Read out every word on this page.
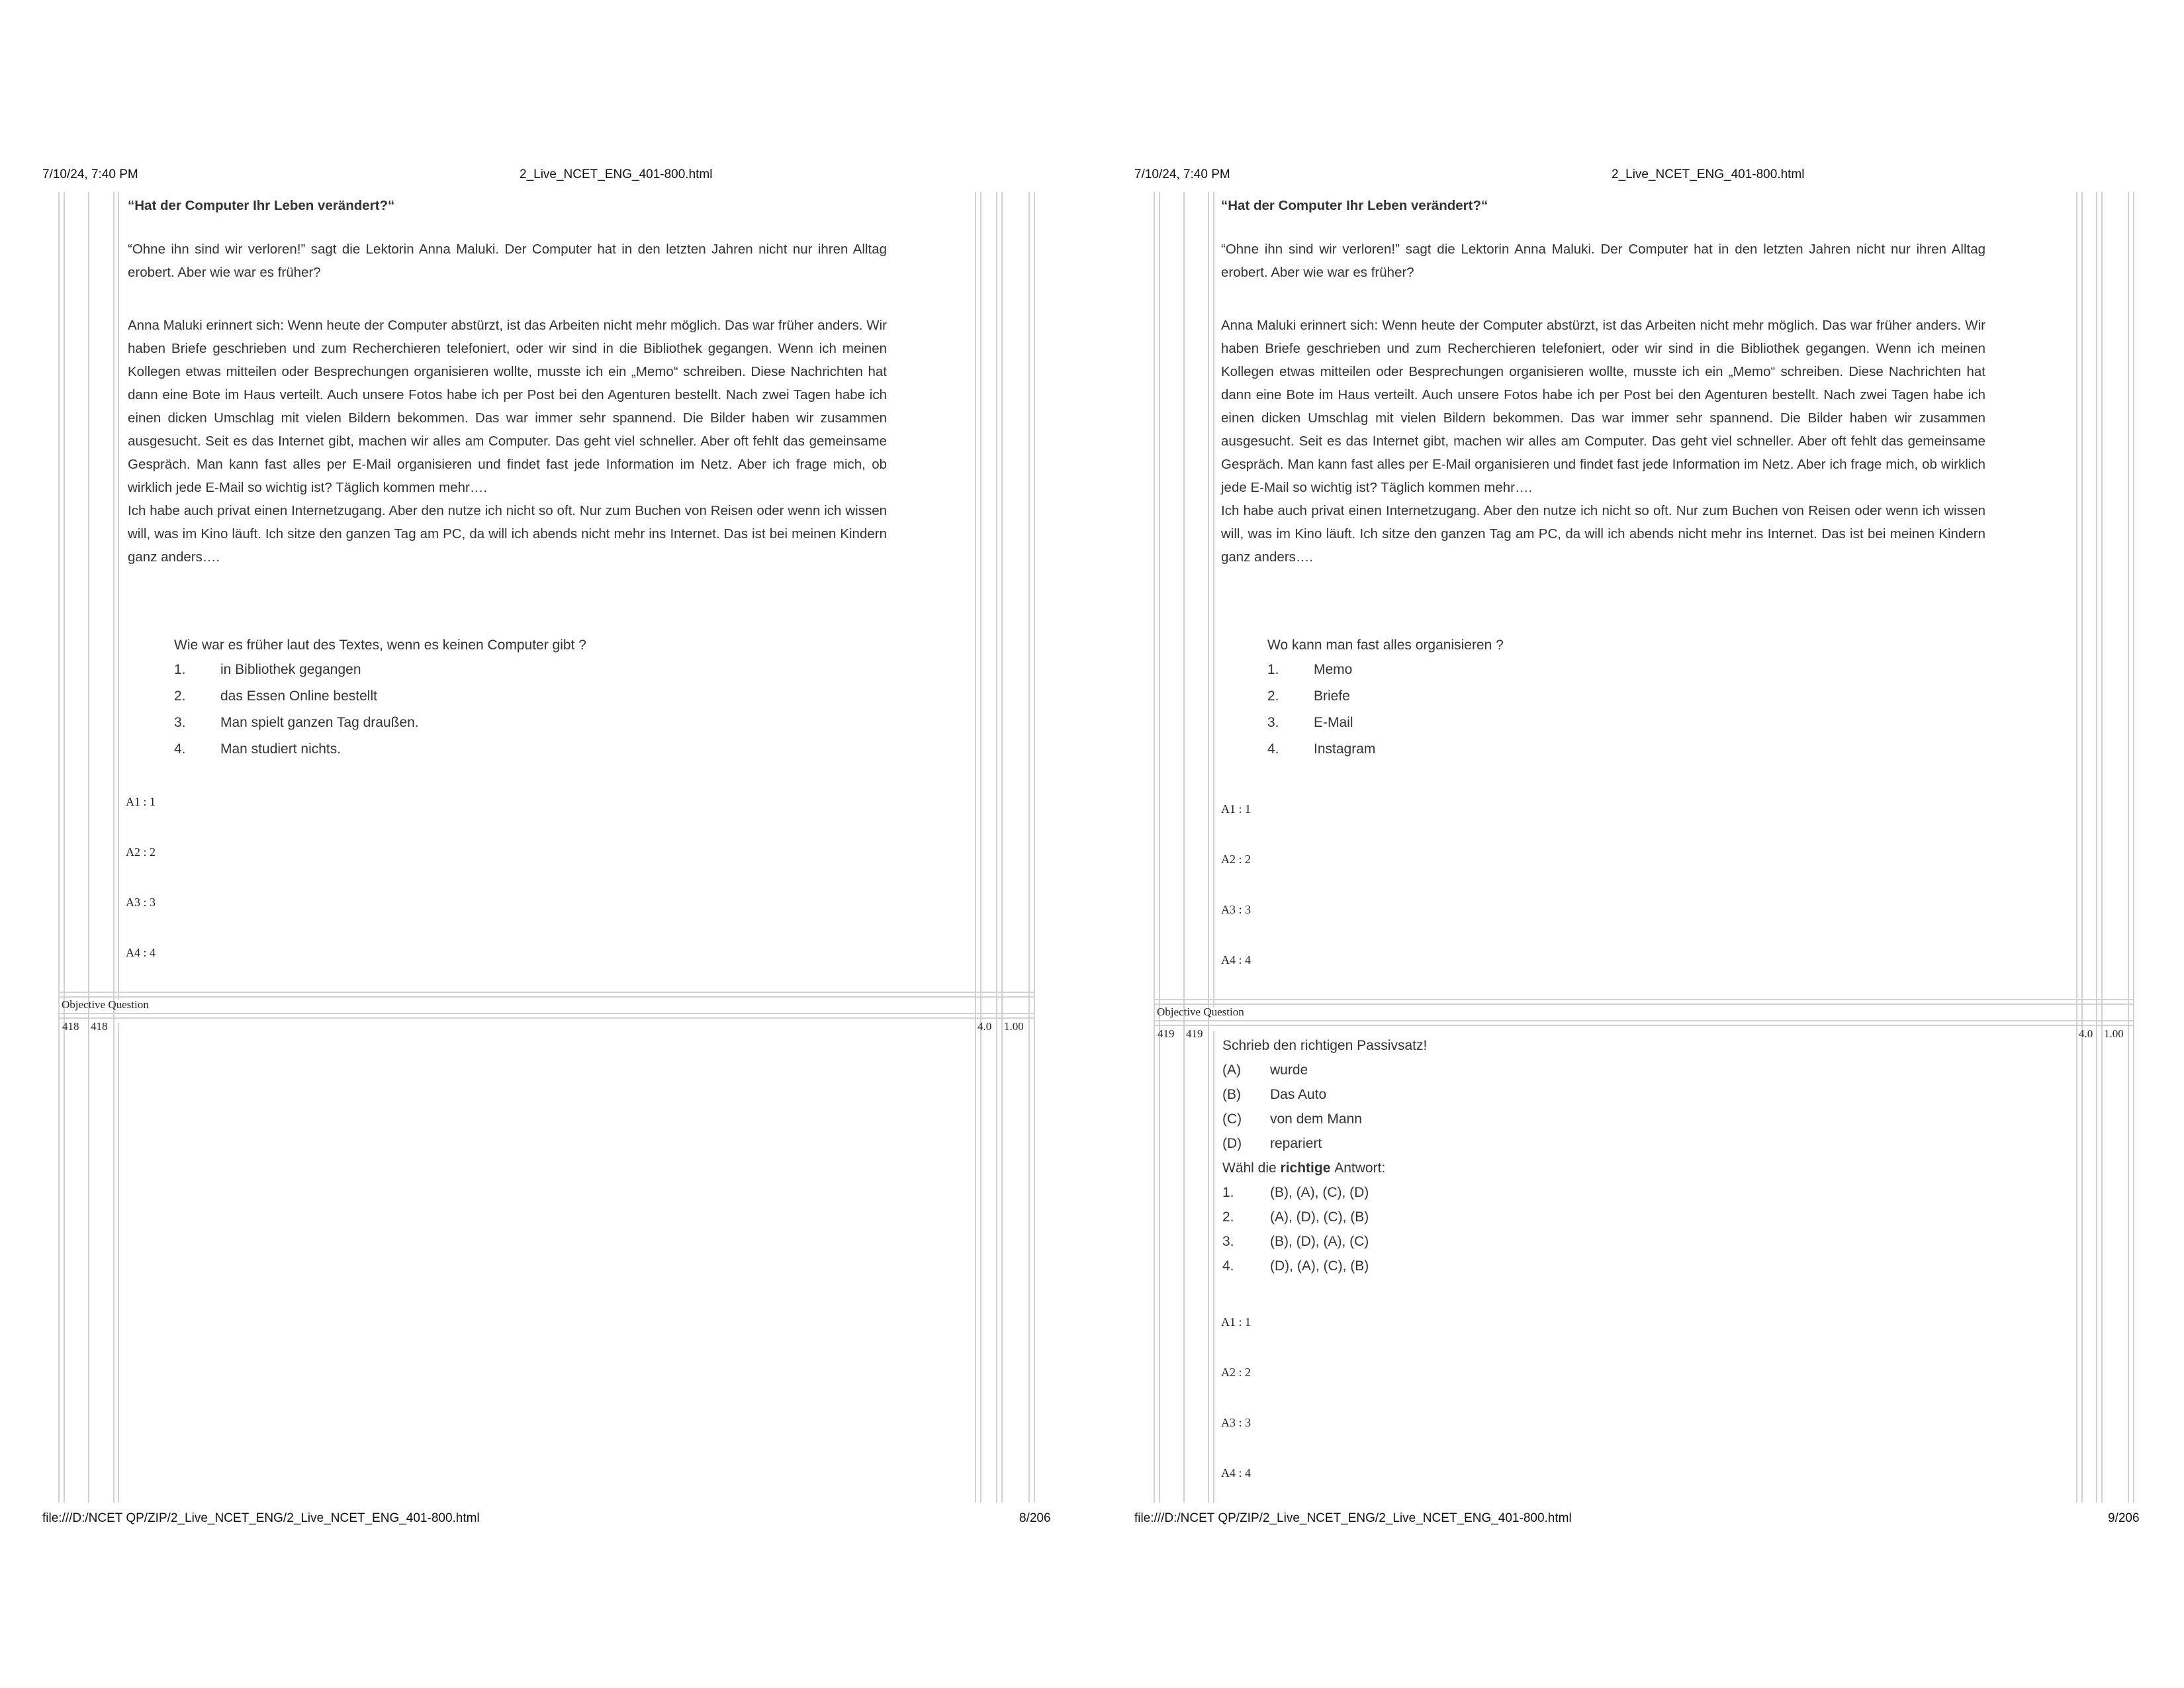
7/10/24, 7:40 PM	2_Live_NCET_ENG_401-800.html

“Hat der Computer Ihr Leben verändert?“

“Ohne ihn sind wir verloren!” sagt die Lektorin Anna Maluki. Der Computer hat in den letzten Jahren nicht nur ihren Alltag erobert. Aber wie war es früher?

Anna Maluki erinnert sich: Wenn heute der Computer abstürzt, ist das Arbeiten nicht mehr möglich. Das war früher anders. Wir haben Briefe geschrieben und zum Recherchieren telefoniert, oder wir sind in die Bibliothek gegangen. Wenn ich meinen Kollegen etwas mitteilen oder Besprechungen organisieren wollte, musste ich ein „Memo“ schreiben. Diese Nachrichten hat dann eine Bote im Haus verteilt. Auch unsere Fotos habe ich per Post bei den Agenturen bestellt. Nach zwei Tagen habe ich einen dicken Umschlag mit vielen Bildern bekommen. Das war immer sehr spannend. Die Bilder haben wir zusammen ausgesucht. Seit es das Internet gibt, machen wir alles am Computer. Das geht viel schneller. Aber oft fehlt das gemeinsame Gespräch. Man kann fast alles per E-Mail organisieren und findet fast jede Information im Netz. Aber ich frage mich, ob wirklich jede E-Mail so wichtig ist? Täglich kommen mehr….

Ich habe auch privat einen Internetzugang. Aber den nutze ich nicht so oft. Nur zum Buchen von Reisen oder wenn ich wissen will, was im Kino läuft. Ich sitze den ganzen Tag am PC, da will ich abends nicht mehr ins Internet. Das ist bei meinen Kindern ganz anders….

Wie war es früher laut des Textes, wenn es keinen Computer gibt ?
1.	in Bibliothek gegangen
2.	das Essen Online bestellt
3.	Man spielt ganzen Tag draußen.
4.	Man studiert nichts.
A1 : 1
A2 : 2
A3 : 3
A4 : 4
Objective Question
418 418	4.0 1.00
file:///D:/NCET QP/ZIP/2_Live_NCET_ENG/2_Live_NCET_ENG_401-800.html	8/206
7/10/24, 7:40 PM	2_Live_NCET_ENG_401-800.html

“Hat der Computer Ihr Leben verändert?“

“Ohne ihn sind wir verloren!” sagt die Lektorin Anna Maluki. Der Computer hat in den letzten Jahren nicht nur ihren Alltag erobert. Aber wie war es früher?

Anna Maluki erinnert sich: Wenn heute der Computer abstürzt, ist das Arbeiten nicht mehr möglich. Das war früher anders. Wir haben Briefe geschrieben und zum Recherchieren telefoniert, oder wir sind in die Bibliothek gegangen. Wenn ich meinen Kollegen etwas mitteilen oder Besprechungen organisieren wollte, musste ich ein „Memo“ schreiben. Diese Nachrichten hat dann eine Bote im Haus verteilt. Auch unsere Fotos habe ich per Post bei den Agenturen bestellt. Nach zwei Tagen habe ich einen dicken Umschlag mit vielen Bildern bekommen. Das war immer sehr spannend. Die Bilder haben wir zusammen ausgesucht. Seit es das Internet gibt, machen wir alles am Computer. Das geht viel schneller. Aber oft fehlt das gemeinsame Gespräch. Man kann fast alles per E-Mail organisieren und findet fast jede Information im Netz. Aber ich frage mich, ob wirklich jede E-Mail so wichtig ist? Täglich kommen mehr….

Ich habe auch privat einen Internetzugang. Aber den nutze ich nicht so oft. Nur zum Buchen von Reisen oder wenn ich wissen will, was im Kino läuft. Ich sitze den ganzen Tag am PC, da will ich abends nicht mehr ins Internet. Das ist bei meinen Kindern ganz anders….

Wo kann man fast alles organisieren ?
1.	Memo
2.	Briefe
3.	E-Mail
4.	Instagram
A1 : 1
A2 : 2
A3 : 3
A4 : 4
Objective Question
419 419	4.0 1.00
Schrieb den richtigen Passivsatz!
(A)	wurde
(B)	Das Auto
(C)	von dem Mann
(D)	repariert
Wähl die
richtige
Antwort:
1.	(B), (A), (C), (D)
2.	(A), (D), (C), (B)
3.	(B), (D), (A), (C)
4.	(D), (A), (C), (B)
A1 : 1
A2 : 2
A3 : 3
A4 : 4
file:///D:/NCET QP/ZIP/2_Live_NCET_ENG/2_Live_NCET_ENG_401-800.html	9/206
